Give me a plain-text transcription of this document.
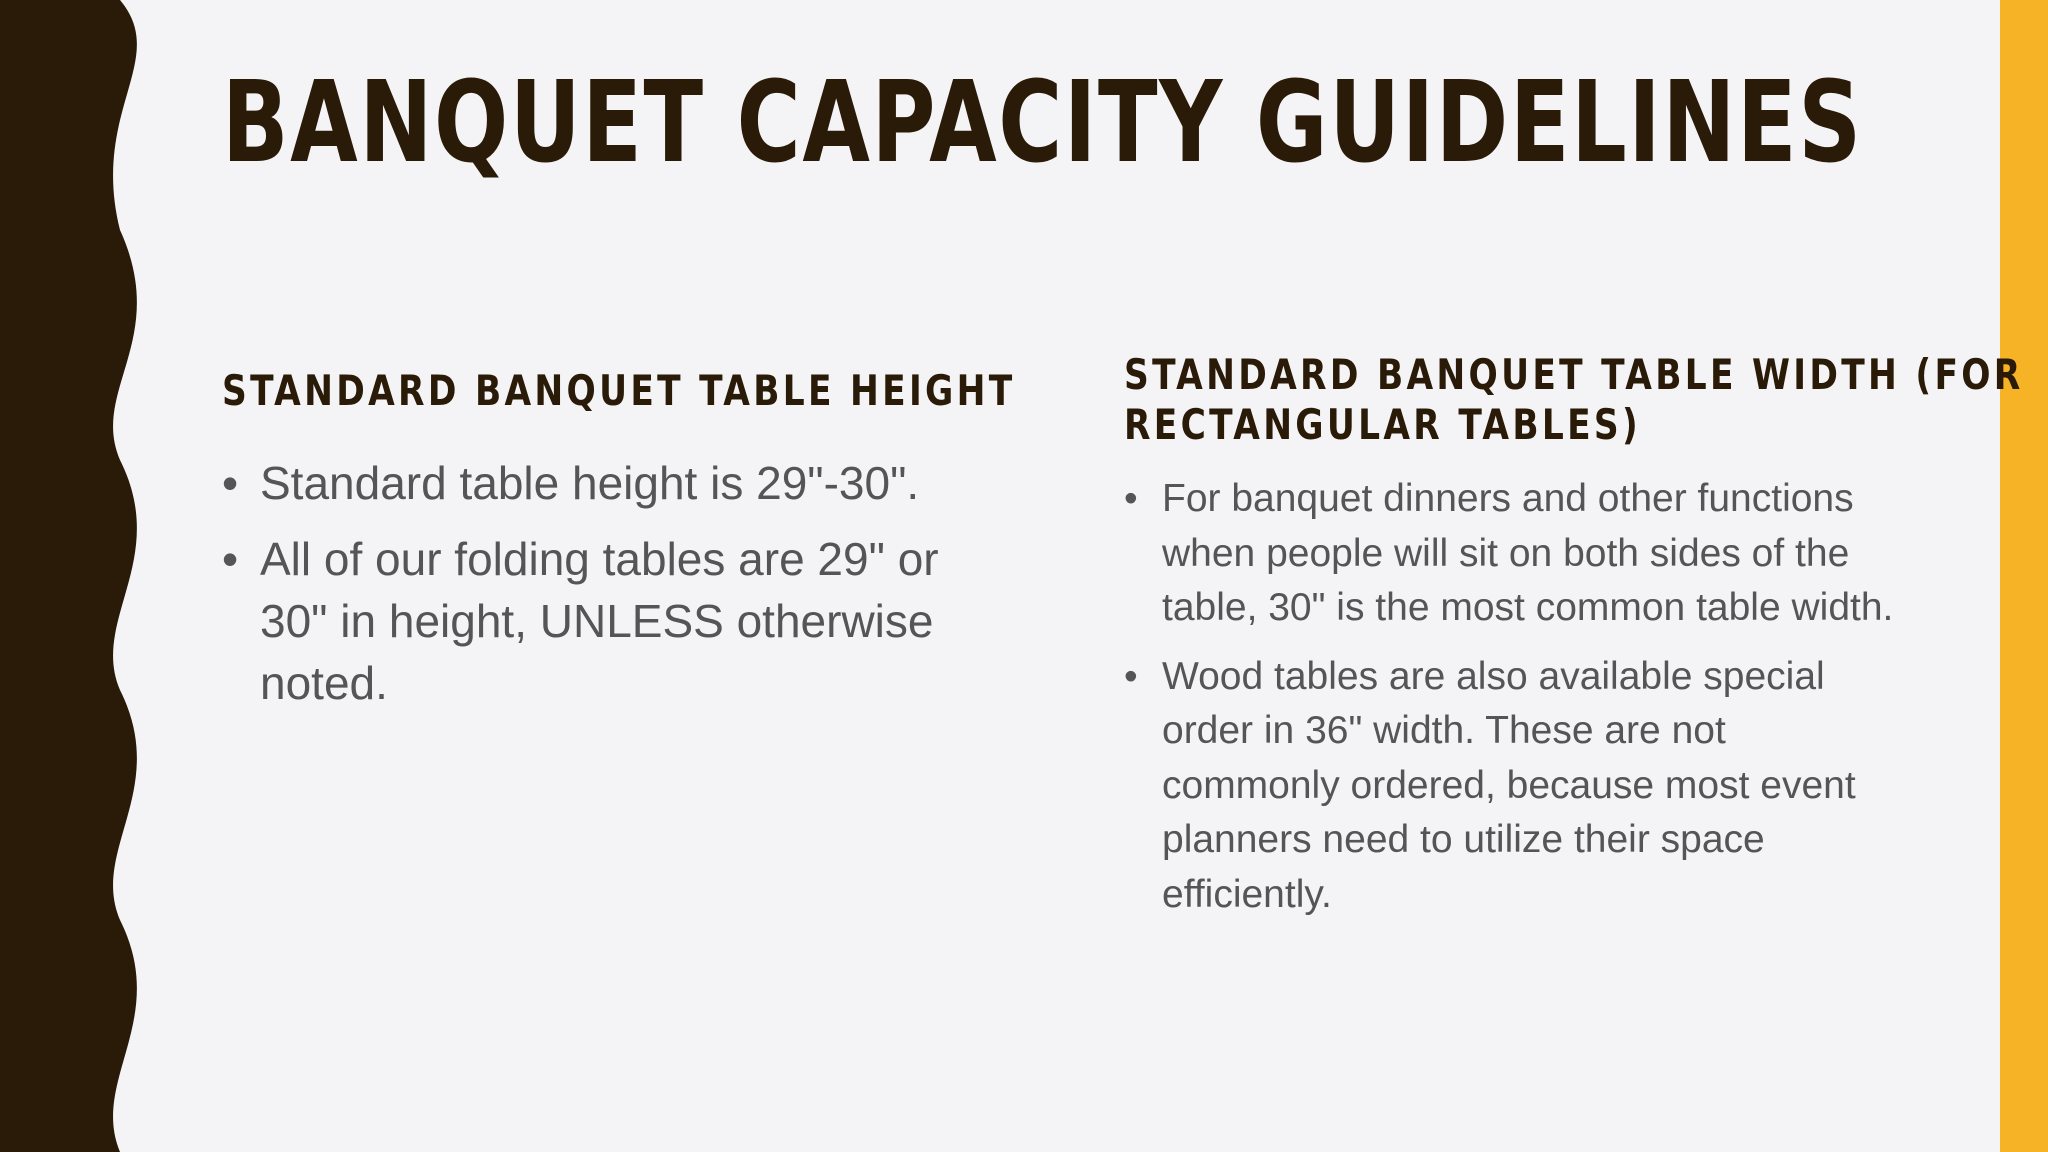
BANQUET CAPACITY GUIDELINES
STANDARD BANQUET TABLE HEIGHT
• Standard table height is 29"-30".
• All of our folding tables are 29" or 30" in height, UNLESS otherwise noted.
STANDARD BANQUET TABLE WIDTH (FOR
RECTANGULAR TABLES)
• For banquet dinners and other functions when people will sit on both sides of the table, 30" is the most common table width.
• Wood tables are also available special order in 36" width. These are not commonly ordered, because most event planners need to utilize their space efficiently.
